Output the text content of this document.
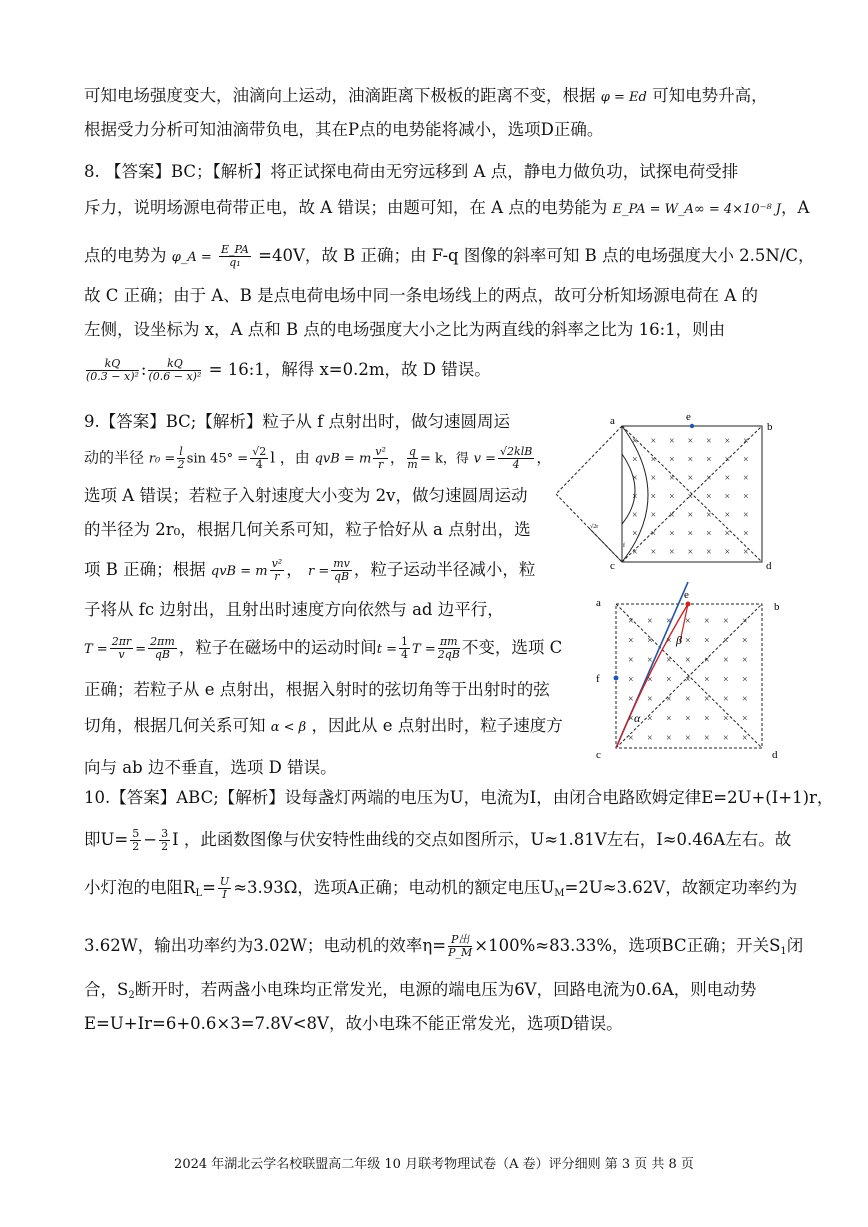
可知电场强度变大，油滴向上运动，油滴距离下极板的距离不变，根据 φ = Ed 可知电势升高，
根据受力分析可知油滴带负电，其在P点的电势能将减小，选项D正确。
8. 【答案】BC；【解析】将正试探电荷由无穷远移到 A 点，静电力做负功，试探电荷受排
斥力，说明场源电荷带正电，故 A 错误；由题可知，在 A 点的电势能为 E_PA = W_A∞ = 4×10⁻⁸ J，A
点的电势为 φ_A = $\frac{E\_PA}{\text{q₁}} =40V$，故 B 正确；由 F-q 图像的斜率可知 B 点的电场强度大小 2.5N/C，
故 C 正确；由于 A、B 是点电荷电场中同一条电场线上的两点，故可分析知场源电荷在 A 的
左侧，设坐标为 x，A 点和 B 点的电场强度大小之比为两直线的斜率之比为 16:1，则由
$\frac{kQ}{\text{(0.3 − x)²}}$ : $\frac{kQ}{\text{(0.6 − x)²}}$ = 16:1，解得 x=0.2m，故 D 错误。
9.【答案】BC;【解析】粒子从 f 点射出时，做匀速圆周运
动的半径 $r_0 = \frac{l}{2}$ $\sin 45^\circ = \frac{√2}{4}$ l ，由 qvB = m $\frac{\text{v²}}{r}$ ， $\frac{q}{m} = k$，得 $v = \frac{\text{√2klB}}{4}$ ，
选项 A 错误；若粒子入射速度大小变为 2v，做匀速圆周运动
的半径为 2r₀，根据几何关系可知，粒子恰好从 a 点射出，选
项 B 正确；根据 qvB = m $\frac{\text{v²}}{r}$ ， $r = \frac{mv}{qB}$ ，粒子运动半径减小，粒
子将从 fc 边射出，且射出时速度方向依然与 ad 边平行，
$T = \frac{2\pi r}{v} = \frac{2\pi m}{qB}$ ，粒子在磁场中的运动时间$t = \frac{1}{4}$ $T = \frac{\pi m}{2qB}$ 不变，选项 C
正确；若粒子从 e 点射出，根据入射时的弦切角等于出射时的弦
切角，根据几何关系可知 α < β ，因此从 e 点射出时，粒子速度方
向与 ab 边不垂直，选项 D 错误。
× × × × × × ×
× × × × × × ×
× × × × × × ×
× × × × × × ×
× × × × × × ×
× × × × × × ×
× × × × × × ×
a	b
c	d
e
√2r
f
× × × × × × ×
× × × × × × ×
× × × × × × ×
× × × × × × ×
× × × × × × ×
× × × × × × ×
× × × × × × ×
a	b
c	d
e
f
α
β
10.【答案】ABC;【解析】设每盏灯两端的电压为U，电流为I，由闭合电路欧姆定律E=2U+(I+1)r，
即$U= \frac{5}{2} - \frac{3}{2}$ I ，此函数图像与伏安特性曲线的交点如图所示，U≈1.81V左右，I≈0.46A左右。故
小灯泡的电阻$R_L= \frac{U}{I} \approx 3.93\Omega$，选项A正确；电动机的额定电压$U_M=2U\approx 3.62V$，故额定功率约为
3.62W，输出功率约为3.02W；电动机的效率$\eta= \frac{\text{P出}}{P\_M} \times 100\%\approx 83.33\%$，选项BC正确；开关$S_1$闭
合，$S_2$断开时，若两盏小电珠均正常发光，电源的端电压为6V，回路电流为0.6A，则电动势
E=U+Ir=6+0.6×3=7.8V<8V，故小电珠不能正常发光，选项D错误。
2024 年湖北云学名校联盟高二年级 10 月联考物理试卷（A 卷）评分细则 第 3 页 共 8 页
